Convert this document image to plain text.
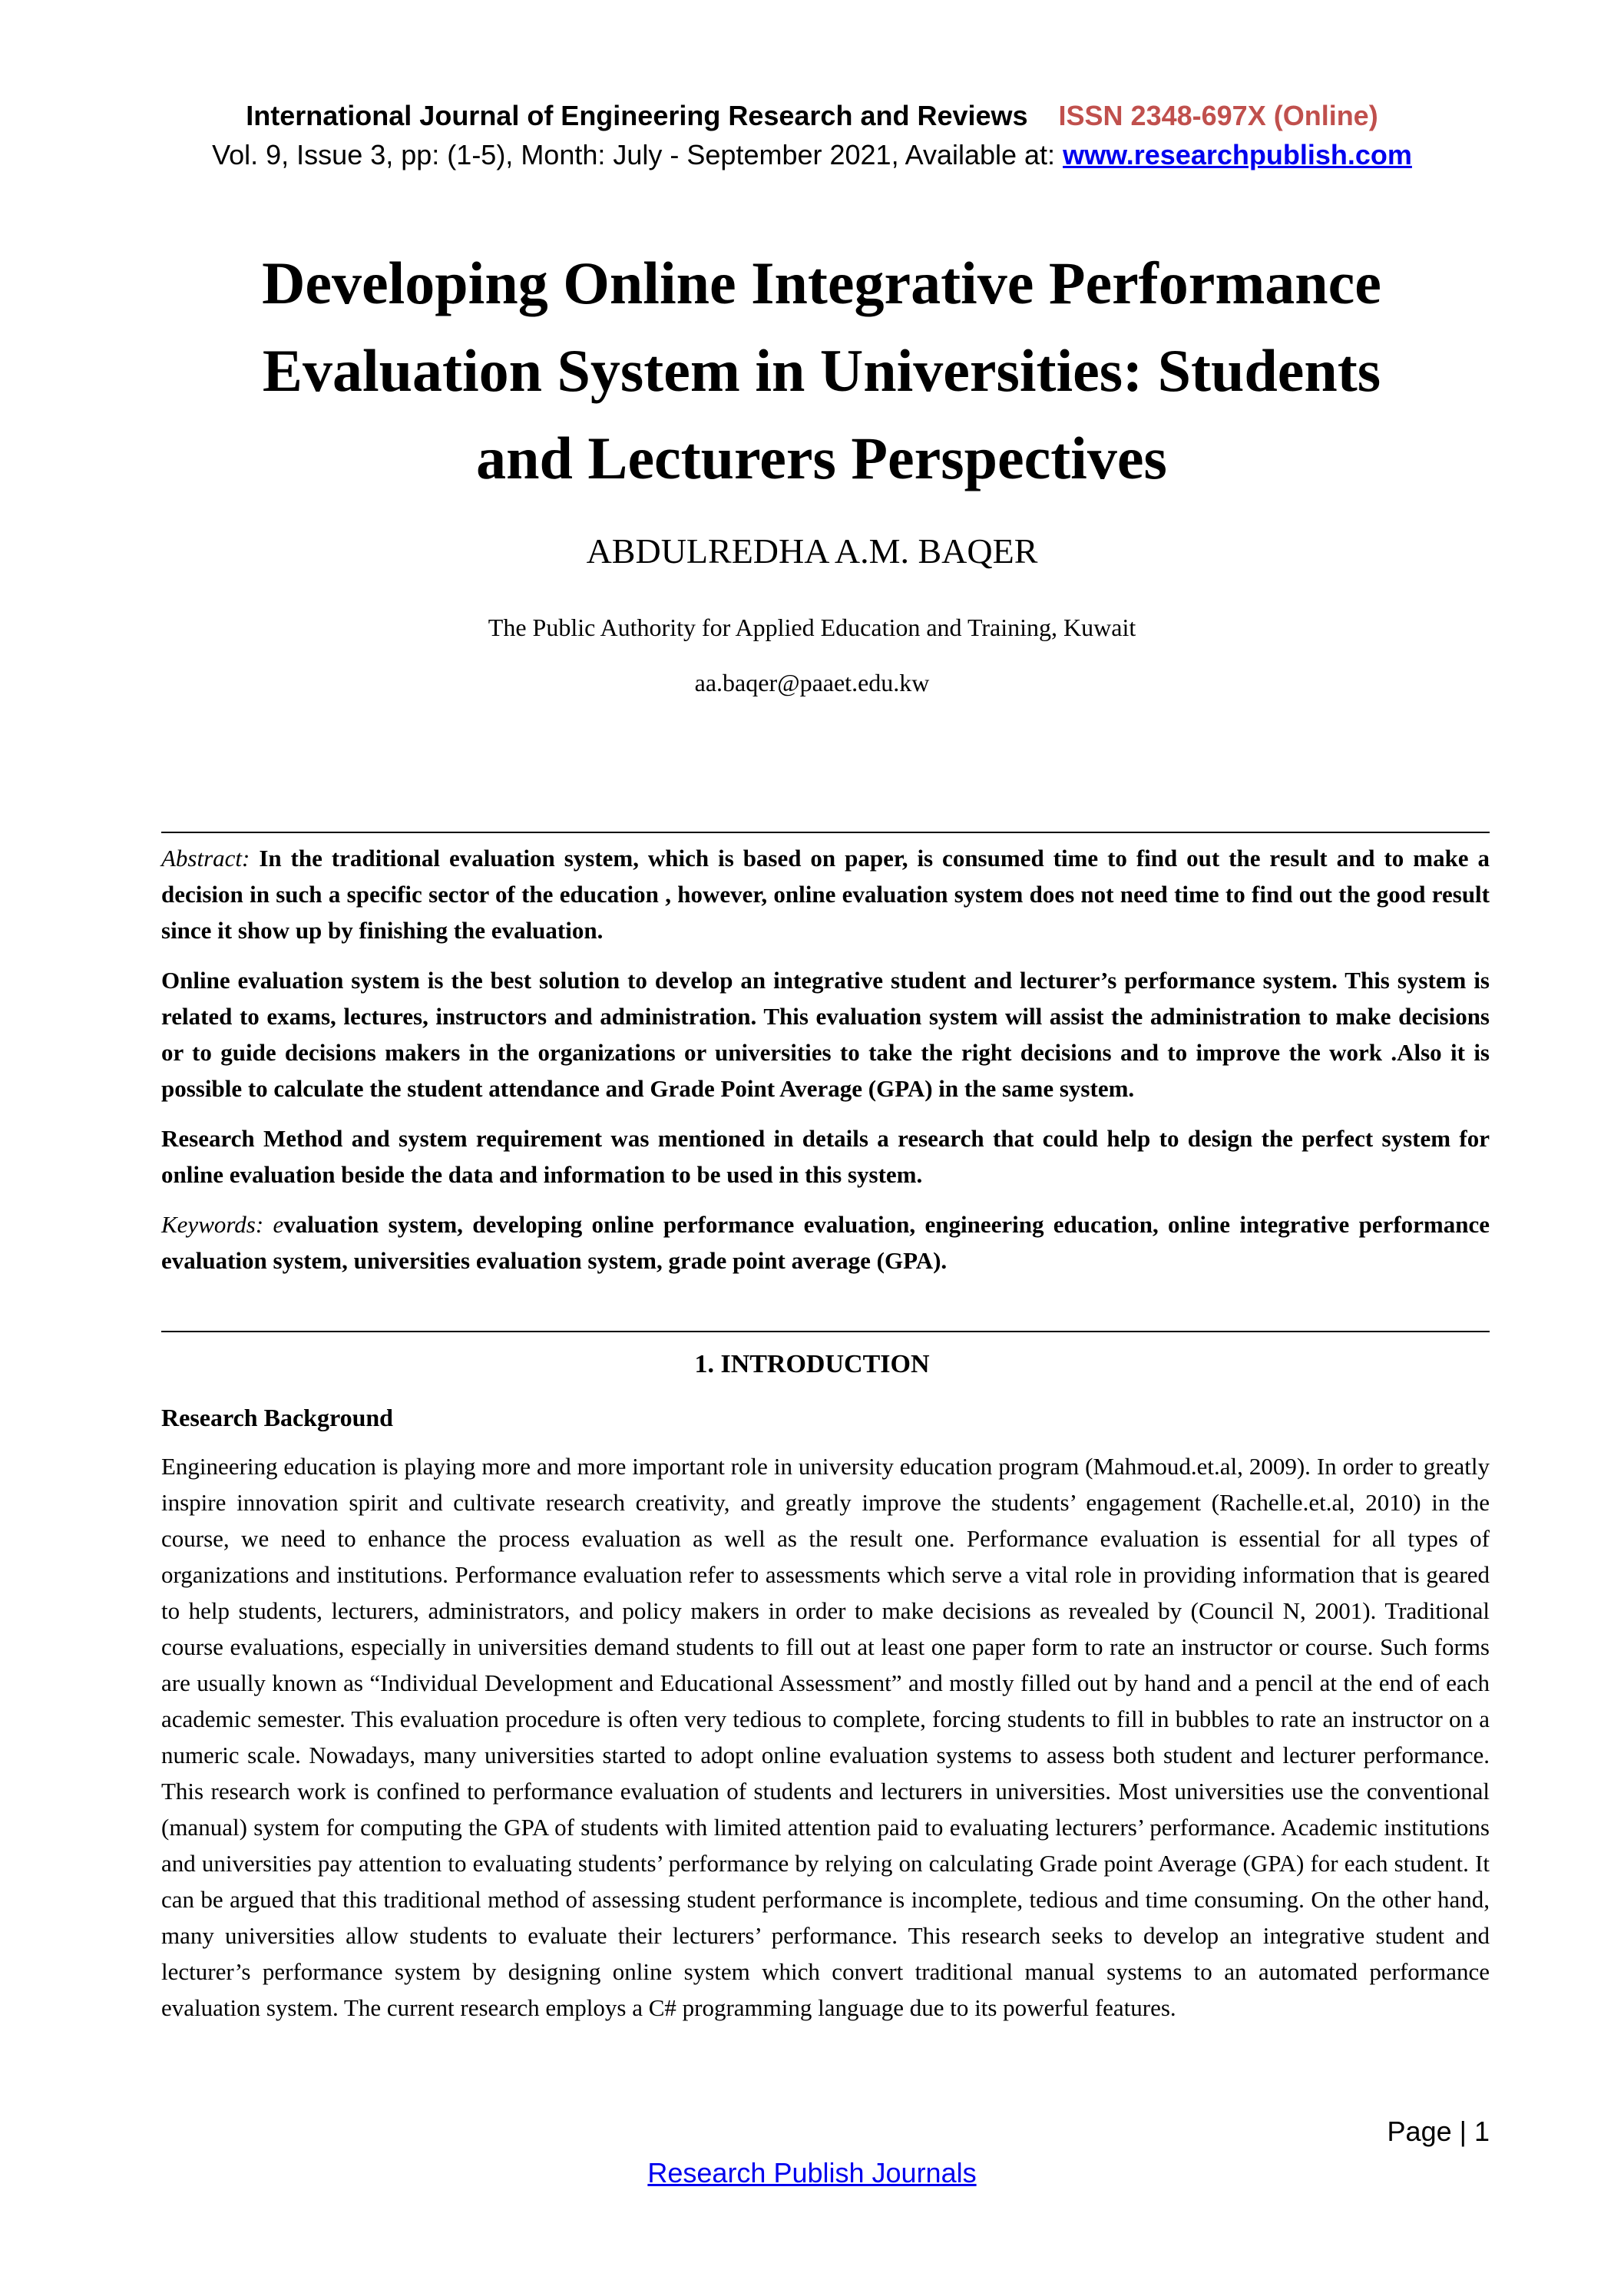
International Journal of Engineering Research and Reviews ISSN 2348-697X (Online)
Vol. 9, Issue 3, pp: (1-5), Month: July - September 2021, Available at: www.researchpublish.com
Developing Online Integrative Performance
Evaluation System in Universities: Students
and Lecturers Perspectives
ABDULREDHA A.M. BAQER
The Public Authority for Applied Education and Training, Kuwait
aa.baqer@paaet.edu.kw

Abstract: In the traditional evaluation system, which is based on paper, is consumed time to find out the result and to make a decision in such a specific sector of the education , however, online evaluation system does not need time to find out the good result since it show up by finishing the evaluation.

Online evaluation system is the best solution to develop an integrative student and lecturer’s performance system. This system is related to exams, lectures, instructors and administration. This evaluation system will assist the administration to make decisions or to guide decisions makers in the organizations or universities to take the right decisions and to improve the work .Also it is possible to calculate the student attendance and Grade Point Average (GPA) in the same system.

Research Method and system requirement was mentioned in details a research that could help to design the perfect system for online evaluation beside the data and information to be used in this system.

Keywords: evaluation system, developing online performance evaluation, engineering education, online integrative performance evaluation system, universities evaluation system, grade point average (GPA).

1. INTRODUCTION
Research Background

Engineering education is playing more and more important role in university education program (Mahmoud.et.al, 2009). In order to greatly inspire innovation spirit and cultivate research creativity, and greatly improve the students’ engagement (Rachelle.et.al, 2010) in the course, we need to enhance the process evaluation as well as the result one. Performance evaluation is essential for all types of organizations and institutions. Performance evaluation refer to assessments which serve a vital role in providing information that is geared to help students, lecturers, administrators, and policy makers in order to make decisions as revealed by (Council N, 2001). Traditional course evaluations, especially in universities demand students to fill out at least one paper form to rate an instructor or course. Such forms are usually known as “Individual Development and Educational Assessment” and mostly filled out by hand and a pencil at the end of each academic semester. This evaluation procedure is often very tedious to complete, forcing students to fill in bubbles to rate an instructor on a numeric scale. Nowadays, many universities started to adopt online evaluation systems to assess both student and lecturer performance. This research work is confined to performance evaluation of students and lecturers in universities. Most universities use the conventional (manual) system for computing the GPA of students with limited attention paid to evaluating lecturers’ performance. Academic institutions and universities pay attention to evaluating students’ performance by relying on calculating Grade point Average (GPA) for each student. It can be argued that this traditional method of assessing student performance is incomplete, tedious and time consuming. On the other hand, many universities allow students to evaluate their lecturers’ performance. This research seeks to develop an integrative student and lecturer’s performance system by designing online system which convert traditional manual systems to an automated performance evaluation system. The current research employs a C# programming language due to its powerful features.

Page | 1
Research Publish Journals
